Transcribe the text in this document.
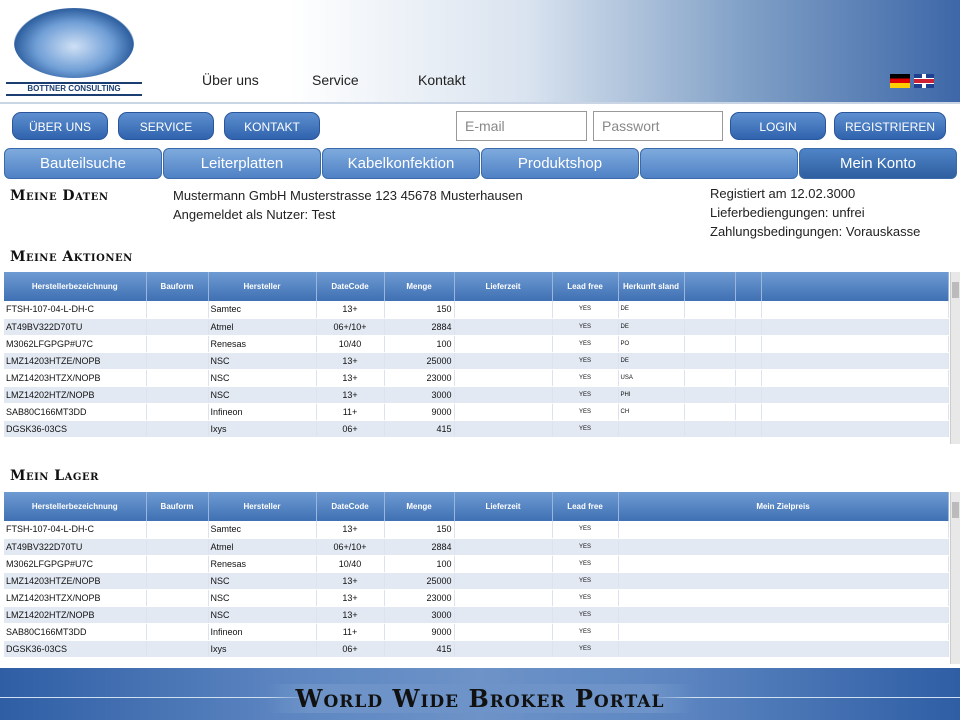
BOTTNER CONSULTING
Über uns	Service	Kontakt
ÜBER UNS	SERVICE	KONTAKT	E-mail	Passwort	LOGIN	REGISTRIEREN
Bauteilsuche	Leiterplatten	Kabelkonfektion	Produktshop	Mein Konto
Meine Daten	Mustermann GmbH Musterstrasse 123 45678 Musterhausen
Angemeldet als Nutzer: Test
Registiert am 12.02.3000
Lieferbediengungen: unfrei
Zahlungsbedingungen: Vorauskasse
Meine Aktionen
Herstellerbezeichnung	Bauform	Hersteller	DateCode	Menge	Lieferzeit	Lead free	Herkunft sland			
FTSH-107-04-L-DH-C		Samtec	13+	150		YES	DE			
AT49BV322D70TU		Atmel	06+/10+	2884		YES	DE			
M3062LFGPGP#U7C		Renesas	10/40	100		YES	PO			
LMZ14203HTZE/NOPB		NSC	13+	25000		YES	DE			
LMZ14203HTZX/NOPB		NSC	13+	23000		YES	USA			
LMZ14202HTZ/NOPB		NSC	13+	3000		YES	PHI			
SAB80C166MT3DD		Infineon	11+	9000		YES	CH			
DGSK36-03CS		Ixys	06+	415		YES				
Mein Lager
Herstellerbezeichnung	Bauform	Hersteller	DateCode	Menge	Lieferzeit	Lead free	Mein Zielpreis
FTSH-107-04-L-DH-C		Samtec	13+	150		YES	
AT49BV322D70TU		Atmel	06+/10+	2884		YES	
M3062LFGPGP#U7C		Renesas	10/40	100		YES	
LMZ14203HTZE/NOPB		NSC	13+	25000		YES	
LMZ14203HTZX/NOPB		NSC	13+	23000		YES	
LMZ14202HTZ/NOPB		NSC	13+	3000		YES	
SAB80C166MT3DD		Infineon	11+	9000		YES	
DGSK36-03CS		Ixys	06+	415		YES	
World Wide Broker Portal
